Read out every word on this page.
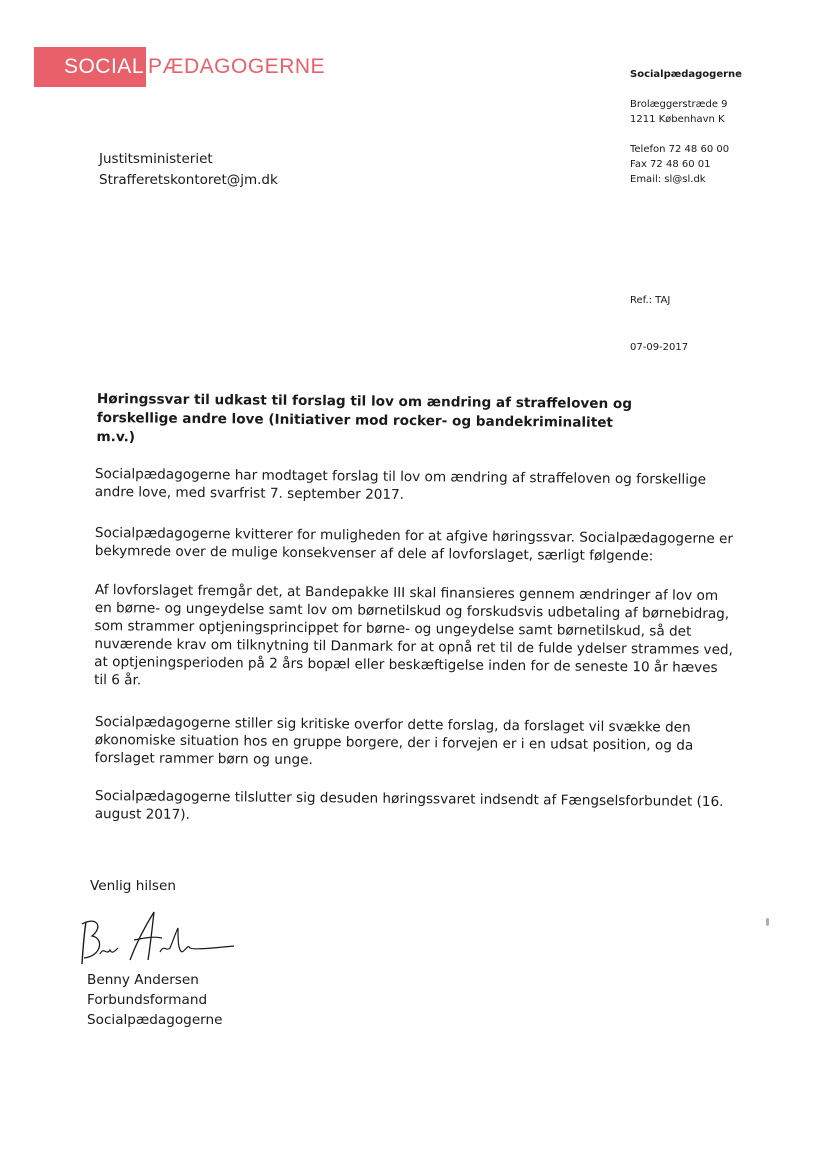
SOCIAL PÆDAGOGERNE	Socialpædagogerne
Brolæggerstræde 9
1211 København K
Telefon 72 48 60 00
Fax 72 48 60 01
Email: sl@sl.dk
Ref.: TAJ
07-09-2017
Justitsministeriet
Strafferetskontoret@jm.dk
Høringssvar til udkast til forslag til lov om ændring af straffeloven og forskellige andre love (Initiativer mod rocker- og bandekriminalitet m.v.)
Socialpædagogerne har modtaget forslag til lov om ændring af straffeloven og forskellige andre love, med svarfrist 7. september 2017.
Socialpædagogerne kvitterer for muligheden for at afgive høringssvar. Socialpædagogerne er bekymrede over de mulige konsekvenser af dele af lovforslaget, særligt følgende:
Af lovforslaget fremgår det, at Bandepakke III skal finansieres gennem ændringer af lov om en børne- og ungeydelse samt lov om børnetilskud og forskudsvis udbetaling af børnebidrag, som strammer optjeningsprincippet for børne- og ungeydelse samt børnetilskud, så det nuværende krav om tilknytning til Danmark for at opnå ret til de fulde ydelser strammes ved, at optjeningsperioden på 2 års bopæl eller beskæftigelse inden for de seneste 10 år hæves til 6 år.
Socialpædagogerne stiller sig kritiske overfor dette forslag, da forslaget vil svække den økonomiske situation hos en gruppe borgere, der i forvejen er i en udsat position, og da forslaget rammer børn og unge.
Socialpædagogerne tilslutter sig desuden høringssvaret indsendt af Fængselsforbundet (16. august 2017).
Venlig hilsen
Benny Andersen
Forbundsformand
Socialpædagogerne
